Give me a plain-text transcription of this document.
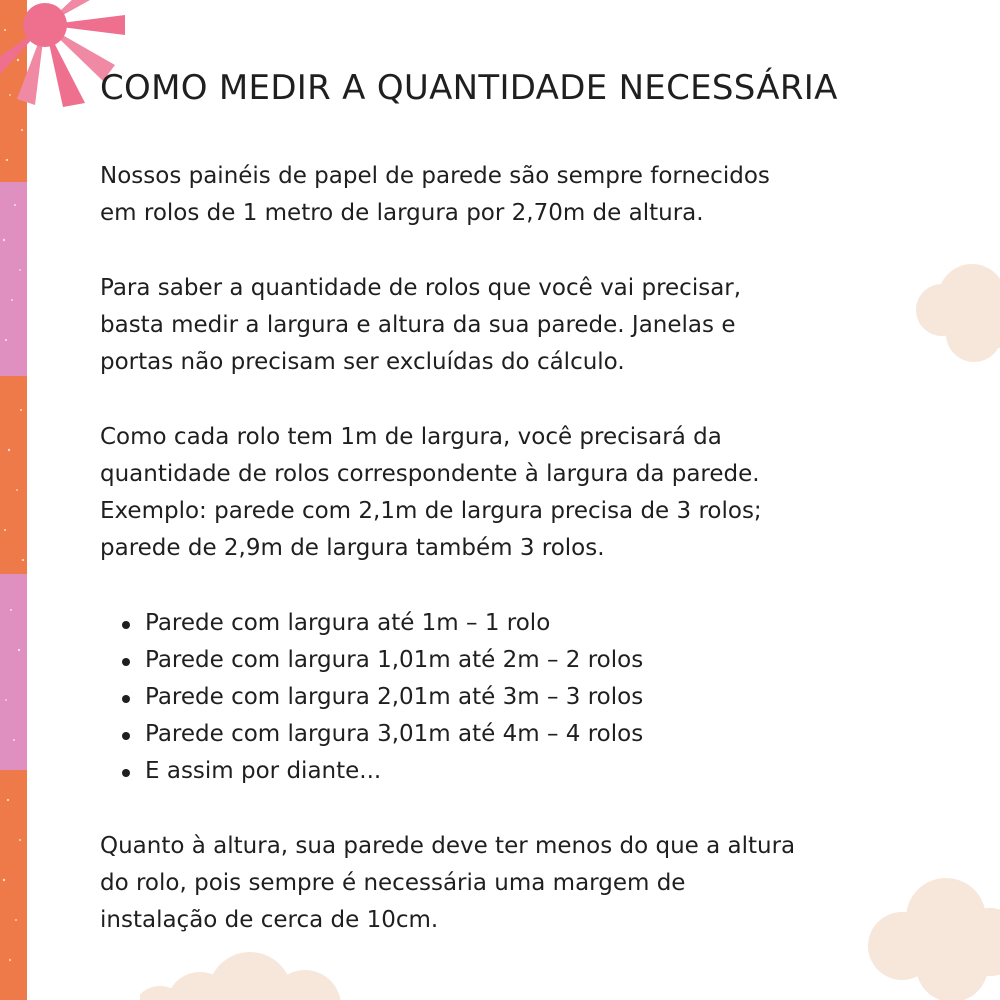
COMO MEDIR A QUANTIDADE NECESSÁRIA

Nossos painéis de papel de parede são sempre fornecidos
em rolos de 1 metro de largura por 2,70m de altura.

Para saber a quantidade de rolos que você vai precisar,
basta medir a largura e altura da sua parede. Janelas e
portas não precisam ser excluídas do cálculo.

Como cada rolo tem 1m de largura, você precisará da
quantidade de rolos correspondente à largura da parede.
Exemplo: parede com 2,1m de largura precisa de 3 rolos;
parede de 2,9m de largura também 3 rolos.

Parede com largura até 1m – 1 rolo
Parede com largura 1,01m até 2m – 2 rolos
Parede com largura 2,01m até 3m – 3 rolos
Parede com largura 3,01m até 4m – 4 rolos
E assim por diante...

Quanto à altura, sua parede deve ter menos do que a altura
do rolo, pois sempre é necessária uma margem de
instalação de cerca de 10cm.
